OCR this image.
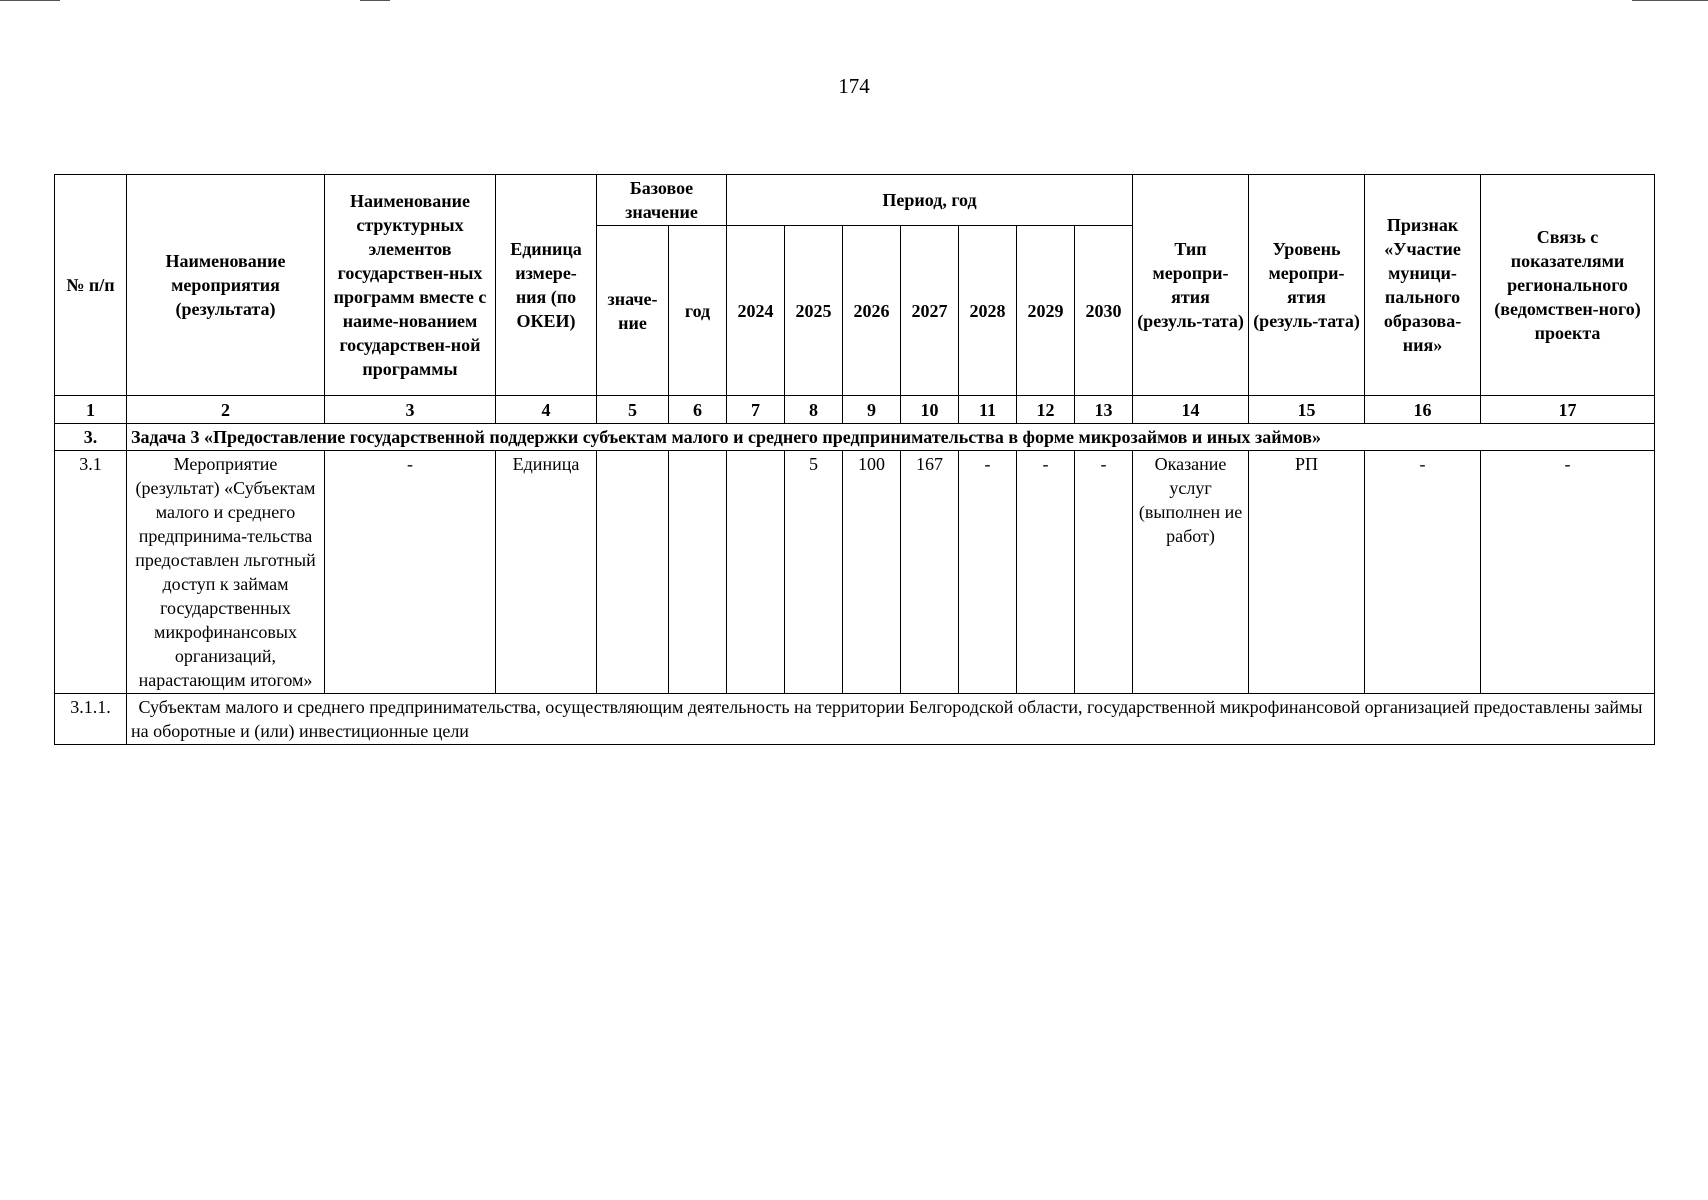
174
№ п/п	Наименование мероприятия (результата)	Наименование структурных элементов государствен-ных программ вместе с наиме-нованием государствен-ной программы	Единица измере-ния (по ОКЕИ)	Базовое значение		Период, год							Тип меропри-ятия (резуль-тата)	Уровень меропри-ятия (резуль-тата)	Признак «Участие муници-пального образова-ния»	Связь с показателями регионального (ведомствен-ного) проекта
				значе-ние	год	2024	2025	2026	2027	2028	2029	2030				
1	2	3	4	5	6	7	8	9	10	11	12	13	14	15	16	17
3.	Задача 3 «Предоставление государственной поддержки субъектам малого и среднего предпринимательства в форме микрозаймов и иных займов»															
3.1	Мероприятие (результат) «Субъектам малого и среднего предпринима-тельства предоставлен льготный доступ к займам государственных микрофинансовых организаций, нарастающим итогом»	-	Единица				5	100	167	-	-	-	Оказание услуг (выполнен ие работ)	РП	-	-
3.1.1.	Субъектам малого и среднего предпринимательства, осуществляющим деятельность на территории Белгородской области, государственной микрофинансовой организацией предоставлены займы на оборотные и (или) инвестиционные цели															
